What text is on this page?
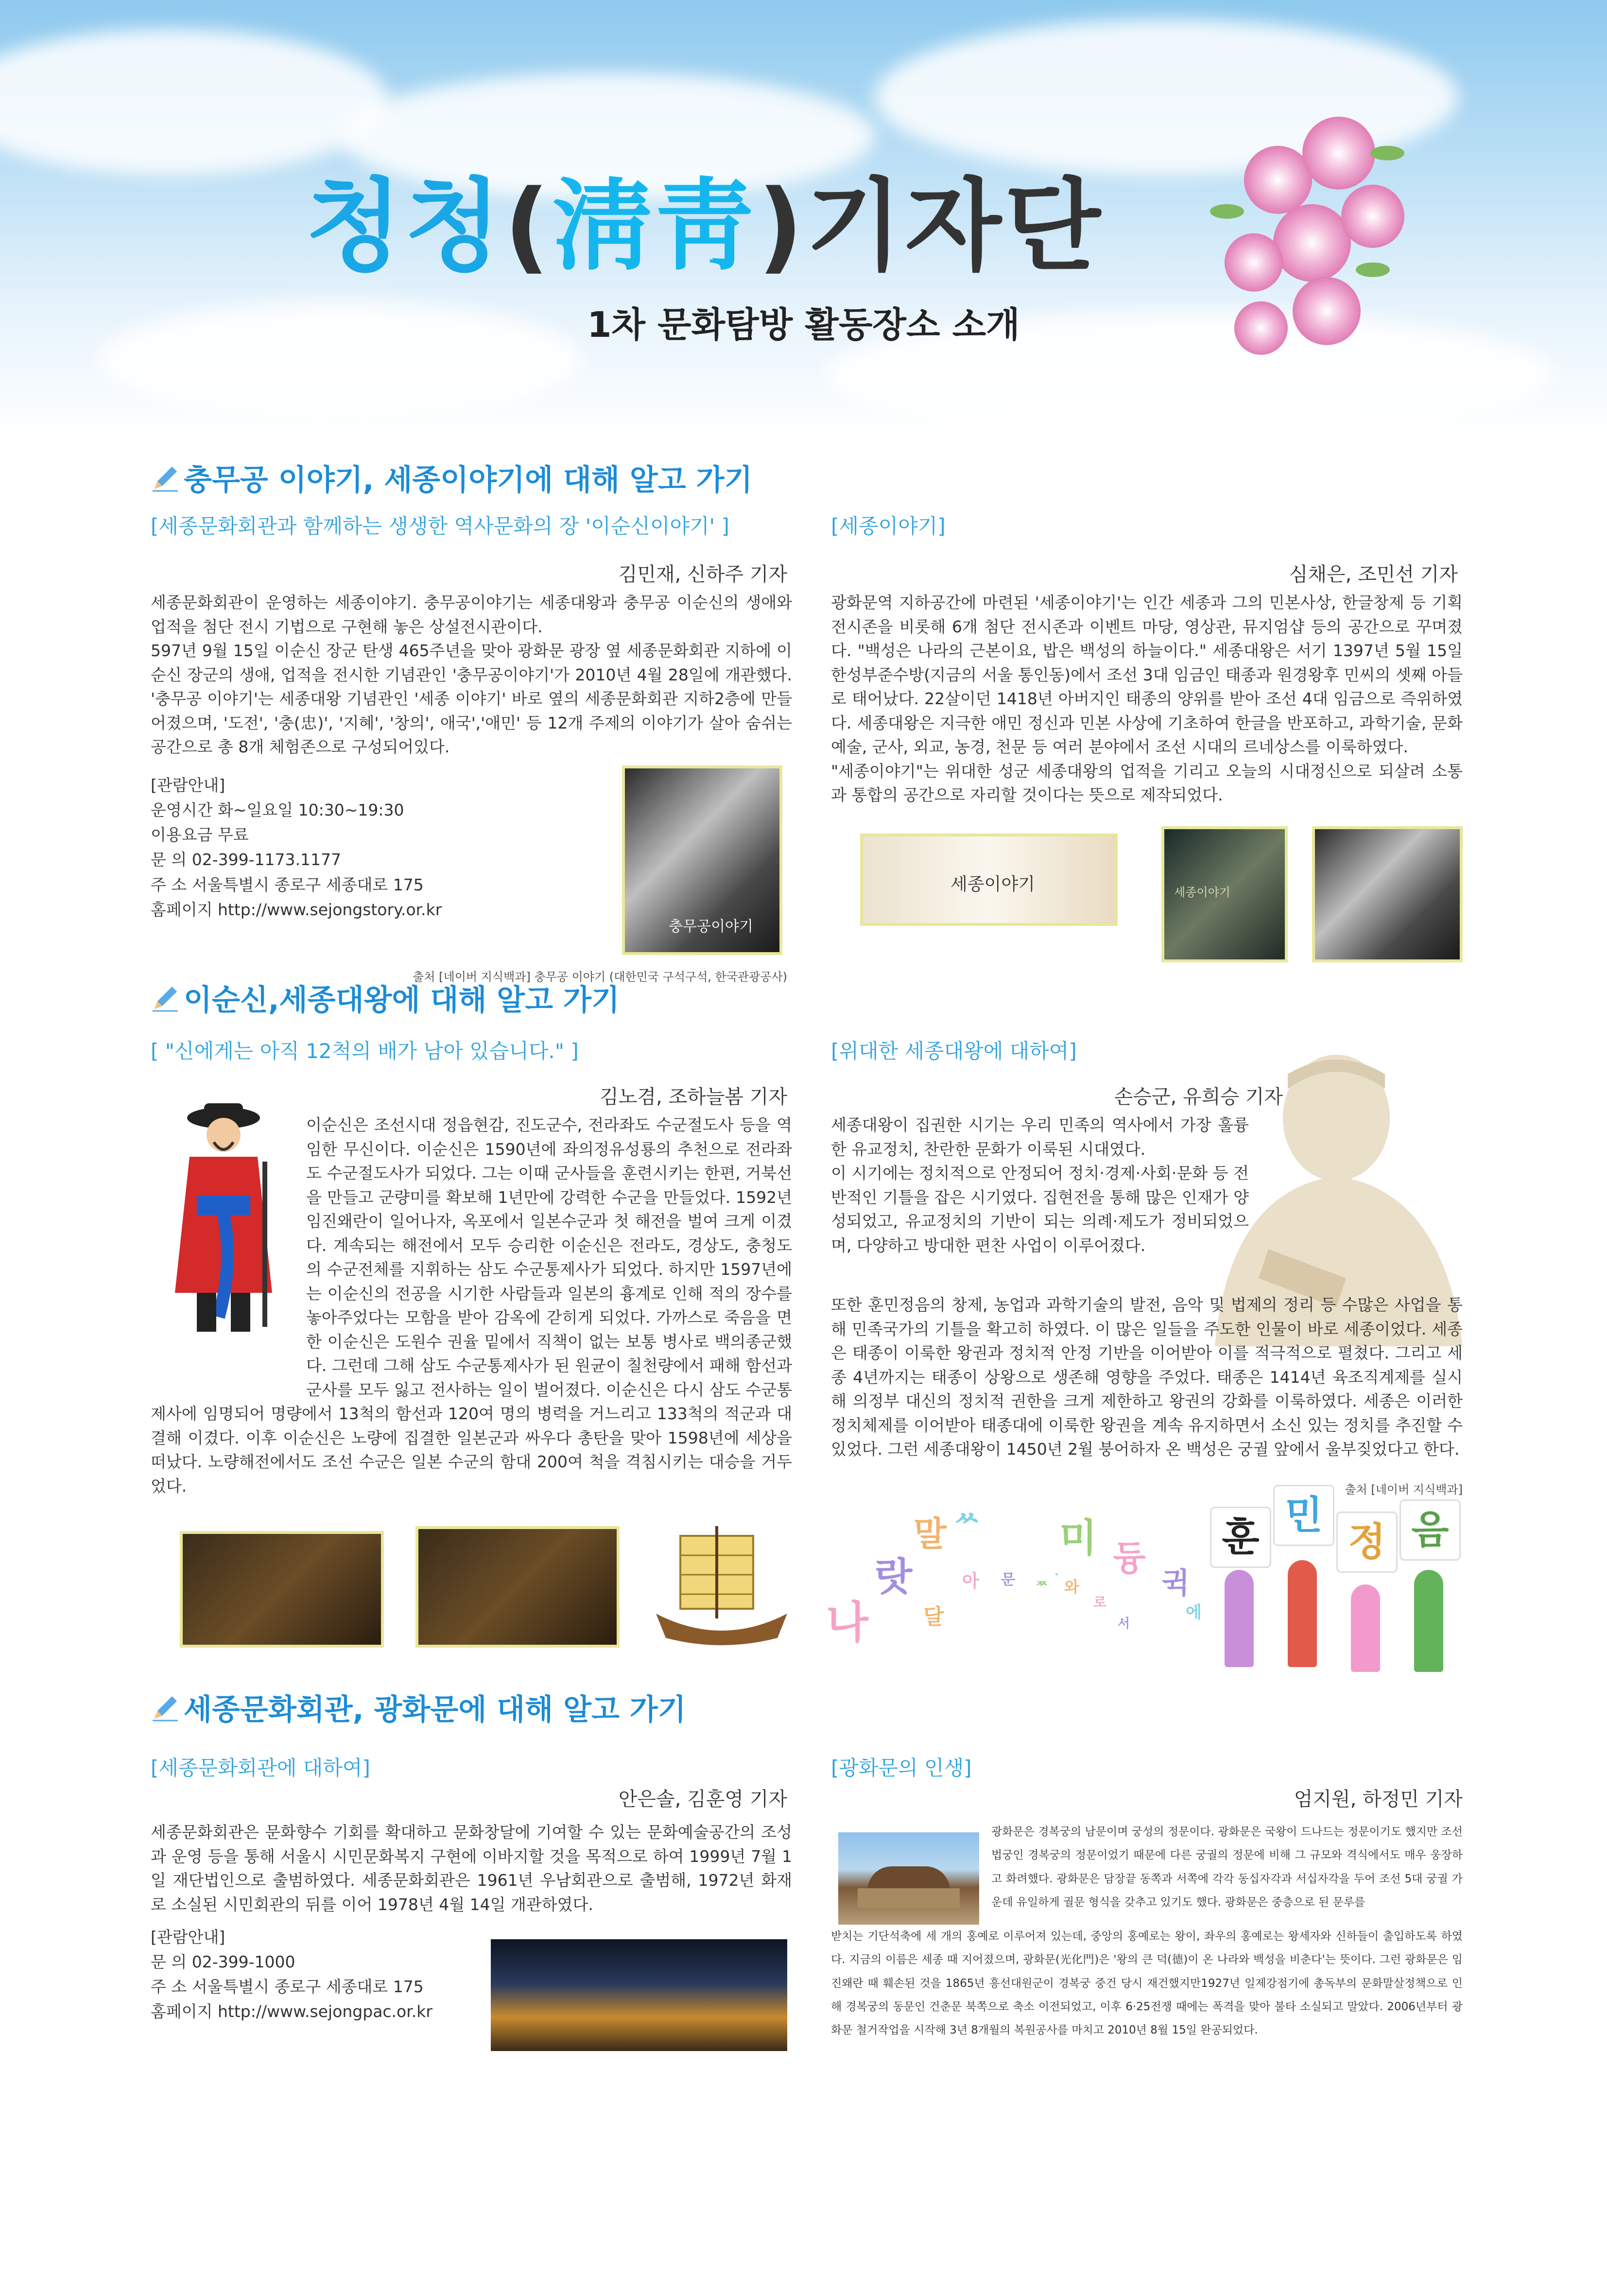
청청(淸靑)기자단
1차 문화탐방 활동장소 소개
충무공 이야기, 세종이야기에 대해 알고 가기
[세종문화회관과 함께하는 생생한 역사문화의 장 '이순신이야기' ]
김민재, 신하주 기자
세종문화회관이 운영하는 세종이야기. 충무공이야기는 세종대왕과 충무공 이순신의 생애와 업적을 첨단 전시 기법으로 구현해 놓은 상설전시관이다.
597년 9월 15일 이순신 장군 탄생 465주년을 맞아 광화문 광장 옆 세종문화회관 지하에 이순신 장군의 생애, 업적을 전시한 기념관인 '충무공이야기'가 2010년 4월 28일에 개관했다. '충무공 이야기'는 세종대왕 기념관인 '세종 이야기' 바로 옆의 세종문화회관 지하2층에 만들어졌으며, '도전', '충(忠)', '지혜', '창의', 애국','애민' 등 12개 주제의 이야기가 살아 숨쉬는 공간으로 총 8개 체험존으로 구성되어있다.
[관람안내]
운영시간 화~일요일 10:30~19:30
이용요금 무료
문 의 02-399-1173.1177
주 소 서울특별시 종로구 세종대로 175
홈페이지 http://www.sejongstory.or.kr
충무공이야기
출처 [네이버 지식백과] 충무공 이야기 (대한민국 구석구석, 한국관광공사)
[세종이야기]
심채은, 조민선 기자
광화문역 지하공간에 마련된 '세종이야기'는 인간 세종과 그의 민본사상, 한글창제 등 기획전시존을 비롯해 6개 첨단 전시존과 이벤트 마당, 영상관, 뮤지엄샵 등의 공간으로 꾸며졌다. "백성은 나라의 근본이요, 밥은 백성의 하늘이다." 세종대왕은 서기 1397년 5월 15일 한성부준수방(지금의 서울 통인동)에서 조선 3대 임금인 태종과 원경왕후 민씨의 셋째 아들로 태어났다. 22살이던 1418년 아버지인 태종의 양위를 받아 조선 4대 임금으로 즉위하였다. 세종대왕은 지극한 애민 정신과 민본 사상에 기초하여 한글을 반포하고, 과학기술, 문화예술, 군사, 외교, 농경, 천문 등 여러 분야에서 조선 시대의 르네상스를 이룩하였다.
"세종이야기"는 위대한 성군 세종대왕의 업적을 기리고 오늘의 시대정신으로 되살려 소통과 통합의 공간으로 자리할 것이다는 뜻으로 제작되었다.
세종이야기	세종이야기
이순신,세종대왕에 대해 알고 가기
[ "신에게는 아직 12척의 배가 남아 있습니다." ]
김노겸, 조하늘봄 기자
이순신은 조선시대 정읍현감, 진도군수, 전라좌도 수군절도사 등을 역임한 무신이다. 이순신은 1590년에 좌의정유성룡의 추천으로 전라좌도 수군절도사가 되었다. 그는 이때 군사들을 훈련시키는 한편, 거북선을 만들고 군량미를 확보해 1년만에 강력한 수군을 만들었다. 1592년 임진왜란이 일어나자, 옥포에서 일본수군과 첫 해전을 벌여 크게 이겼다. 계속되는 해전에서 모두 승리한 이순신은 전라도, 경상도, 충청도의 수군전체를 지휘하는 삼도 수군통제사가 되었다. 하지만 1597년에는 이순신의 전공을 시기한 사람들과 일본의 흉계로 인해 적의 장수를 놓아주었다는 모함을 받아 감옥에 갇히게 되었다. 가까스로 죽음을 면한 이순신은 도원수 권율 밑에서 직책이 없는 보통 병사로 백의종군했다. 그런데 그해 삼도 수군통제사가 된 원균이 칠천량에서 패해 함선과 군사를 모두 잃고 전사하는 일이 벌어졌다. 이순신은 다시 삼도 수군통제사에 임명되어 명량에서 13척의 함선과 120여 명의 병력을 거느리고 133척의 적군과 대결해 이겼다. 이후 이순신은 노량에 집결한 일본군과 싸우다 총탄을 맞아 1598년에 세상을 떠났다. 노량해전에서도 조선 수군은 일본 수군의 함대 200여 척을 격침시키는 대승을 거두었다.
[위대한 세종대왕에 대하여]
손승군, 유희승 기자
세종대왕이 집권한 시기는 우리 민족의 역사에서 가장 훌륭한 유교정치, 찬란한 문화가 이룩된 시대였다.
이 시기에는 정치적으로 안정되어 정치·경제·사회·문화 등 전반적인 기틀을 잡은 시기였다. 집현전을 통해 많은 인재가 양성되었고, 유교정치의 기반이 되는 의례·제도가 정비되었으며, 다양하고 방대한 편찬 사업이 이루어졌다.
또한 훈민정음의 창제, 농업과 과학기술의 발전, 음악 및 법제의 정리 등 수많은 사업을 통해 민족국가의 기틀을 확고히 하였다. 이 많은 일들을 주도한 인물이 바로 세종이었다. 세종은 태종이 이룩한 왕권과 정치적 안정 기반을 이어받아 이를 적극적으로 펼쳤다. 그리고 세종 4년까지는 태종이 상왕으로 생존해 영향을 주었다. 태종은 1414년 육조직계제를 실시해 의정부 대신의 정치적 권한을 크게 제한하고 왕권의 강화를 이룩하였다. 세종은 이러한 정치체제를 이어받아 태종대에 이룩한 왕권을 계속 유지하면서 소신 있는 정치를 추진할 수 있었다. 그런 세종대왕이 1450년 2월 붕어하자 온 백성은 궁궐 앞에서 울부짖었다고 한다.
출처 [네이버 지식백과]
나
랏
말 ᄊ 미 듕
귁
에
달
아 문 ᄍ
ᆞ
와
로
서
훈 민
정 음
세종문화회관, 광화문에 대해 알고 가기
[세종문화회관에 대하여]
안은솔, 김훈영 기자
세종문화회관은 문화향수 기회를 확대하고 문화창달에 기여할 수 있는 문화예술공간의 조성과 운영 등을 통해 서울시 시민문화복지 구현에 이바지할 것을 목적으로 하여 1999년 7월 1일 재단법인으로 출범하였다. 세종문화회관은 1961년 우남회관으로 출범해, 1972년 화재로 소실된 시민회관의 뒤를 이어 1978년 4월 14일 개관하였다.
[관람안내]
문 의 02-399-1000
주 소 서울특별시 종로구 세종대로 175
홈페이지 http://www.sejongpac.or.kr
[광화문의 인생]
엄지원, 하정민 기자
광화문은 경복궁의 남문이며 궁성의 정문이다. 광화문은 국왕이 드나드는 정문이기도 했지만 조선 법궁인 경복궁의 정문이었기 때문에 다른 궁궐의 정문에 비해 그 규모와 격식에서도 매우 웅장하고 화려했다. 광화문은 담장끝 동쪽과 서쪽에 각각 동십자각과 서십자각을 두어 조선 5대 궁궐 가운데 유일하게 궐문 형식을 갖추고 있기도 했다. 광화문은 중층으로 된 문루를
받치는 기단석축에 세 개의 홍예로 이루어져 있는데, 중앙의 홍예로는 왕이, 좌우의 홍예로는 왕세자와 신하들이 출입하도록 하였다. 지금의 이름은 세종 때 지어졌으며, 광화문(光化門)은 '왕의 큰 덕(德)이 온 나라와 백성을 비춘다'는 뜻이다. 그런 광화문은 임진왜란 때 훼손된 것을 1865년 흥선대원군이 경복궁 중건 당시 재건했지만1927년 일제강점기에 총독부의 문화말살정책으로 인해 경복궁의 동문인 건춘문 북쪽으로 축소 이전되었고, 이후 6·25전쟁 때에는 폭격을 맞아 불타 소실되고 말았다. 2006년부터 광화문 철거작업을 시작해 3년 8개월의 복원공사를 마치고 2010년 8월 15일 완공되었다.
